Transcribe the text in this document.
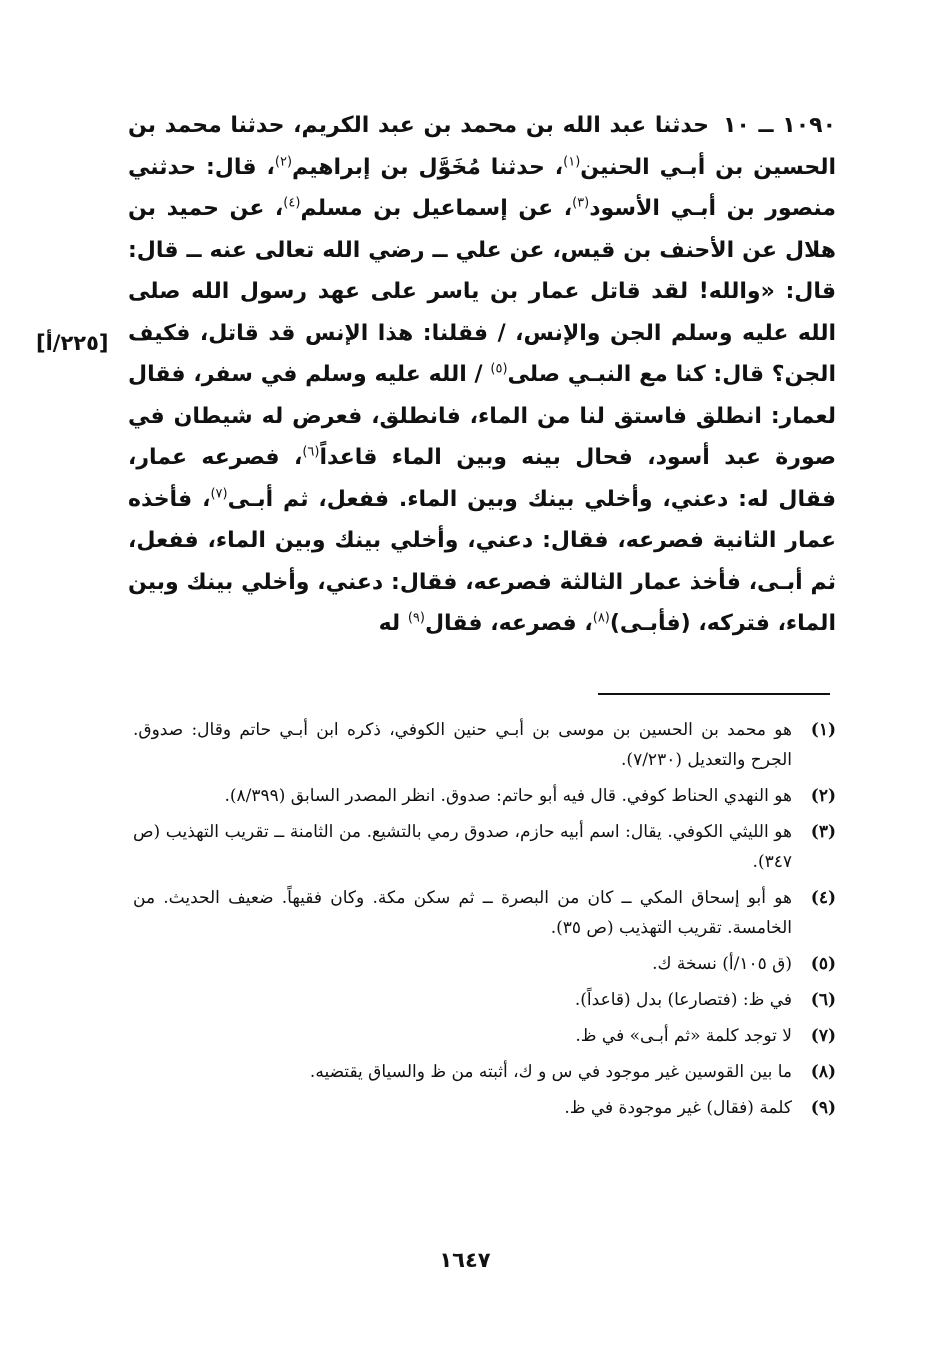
١٠٩٠ ــ ١٠حدثنا عبد الله بن محمد بن عبد الكريم، حدثنا محمد بن الحسين بن أبـي الحنين$^{(١)}$، حدثنا مُخَوَّل بن إبراهيم$^{(٢)}$، قال: حدثني منصور بن أبـي الأسود$^{(٣)}$، عن إسماعيل بن مسلم$^{(٤)}$، عن حميد بن هلال عن الأحنف بن قيس، عن علي ــ رضي الله تعالى عنه ــ قال: قال: «والله! لقد قاتل عمار بن ياسر على عهد رسول الله صلى الله عليه وسلم الجن والإنس، / فقلنا: هذا الإنس قد قاتل، فكيف الجن؟ قال: كنا مع النبـي صلى$^{(٥)}$ / الله عليه وسلم في سفر، فقال لعمار: انطلق فاستق لنا من الماء، فانطلق، فعرض له شيطان في صورة عبد أسود، فحال بينه وبين الماء قاعداً$^{(٦)}$، فصرعه عمار، فقال له: دعني، وأخلي بينك وبين الماء. ففعل، ثم أبـى$^{(٧)}$، فأخذه عمار الثانية فصرعه، فقال: دعني، وأخلي بينك وبين الماء، ففعل، ثم أبـى، فأخذ عمار الثالثة فصرعه، فقال: دعني، وأخلي بينك وبين الماء، فتركه، (فأبـى)$^{(٨)}$، فصرعه، فقال$^{(٩)}$ له
[٢٢٥/أ]
(١)
هو محمد بن الحسين بن موسى بن أبـي حنين الكوفي، ذكره ابن أبـي حاتم وقال: صدوق. الجرح والتعديل (٧/٢٣٠).
(٢)
هو النهدي الحناط كوفي. قال فيه أبو حاتم: صدوق. انظر المصدر السابق (٨/٣٩٩).
(٣)
هو الليثي الكوفي. يقال: اسم أبيه حازم، صدوق رمي بالتشيع. من الثامنة ــ تقريب التهذيب (ص ٣٤٧).
(٤)
هو أبو إسحاق المكي ــ كان من البصرة ــ ثم سكن مكة. وكان فقيهاً. ضعيف الحديث. من الخامسة. تقريب التهذيب (ص ٣٥).
(٥)
(ق ١٠٥/أ) نسخة ك.
(٦)
في ظ: (فتصارعا) بدل (قاعداً).
(٧)
لا توجد كلمة «ثم أبـى» في ظ.
(٨)
ما بين القوسين غير موجود في س و ك، أثبته من ظ والسياق يقتضيه.
(٩)
كلمة (فقال) غير موجودة في ظ.
١٦٤٧
